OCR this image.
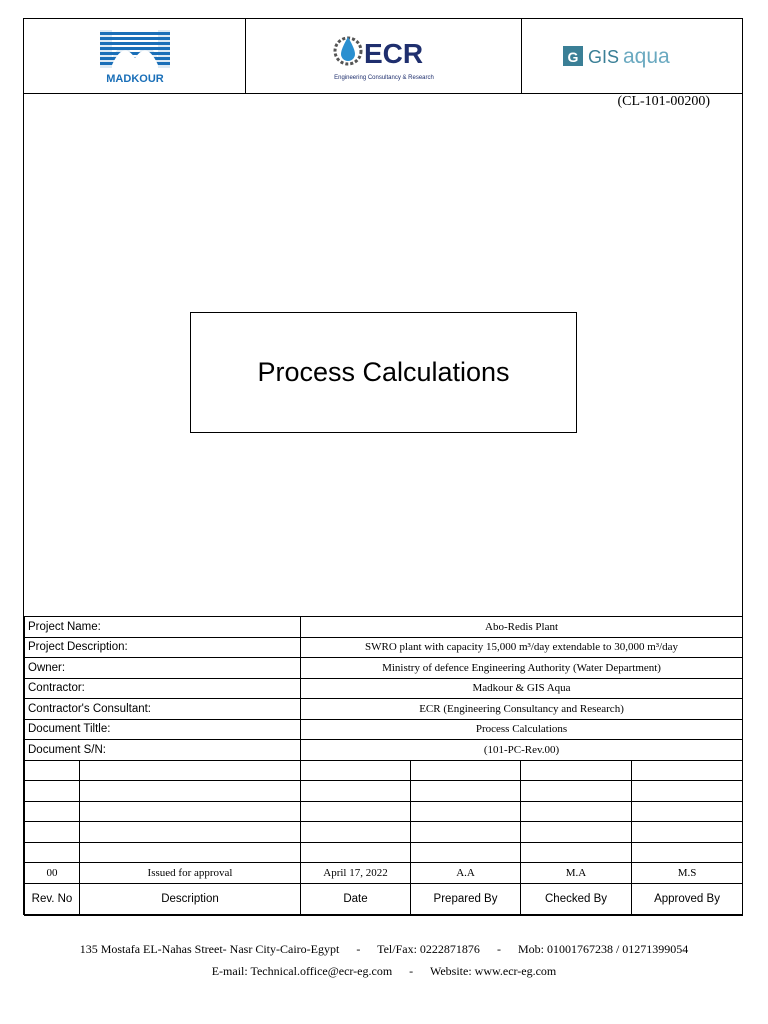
MADKOUR
ECR
Engineering Consultancy & Research
G GIS aqua
(CL-101-00200)
Process Calculations
Project Name:		Abo-Redis Plant			
Project Description:		SWRO plant with capacity 15,000 m³/day extendable to 30,000 m³/day			
Owner:		Ministry of defence Engineering Authority (Water Department)			
Contractor:		Madkour & GIS Aqua			
Contractor's Consultant:		ECR (Engineering Consultancy and Research)			
Document Tiltle:		Process Calculations			
Document S/N:		(101-PC-Rev.00)			

00	Issued for approval	April 17, 2022	A.A	M.A	M.S
Rev. No	Description	Date	Prepared By	Checked By	Approved By
135 Mostafa EL-Nahas Street- Nasr City-Cairo-Egypt - Tel/Fax: 0222871876 - Mob: 01001767238 / 01271399054
E-mail: Technical.office@ecr-eg.com - Website: www.ecr-eg.com
